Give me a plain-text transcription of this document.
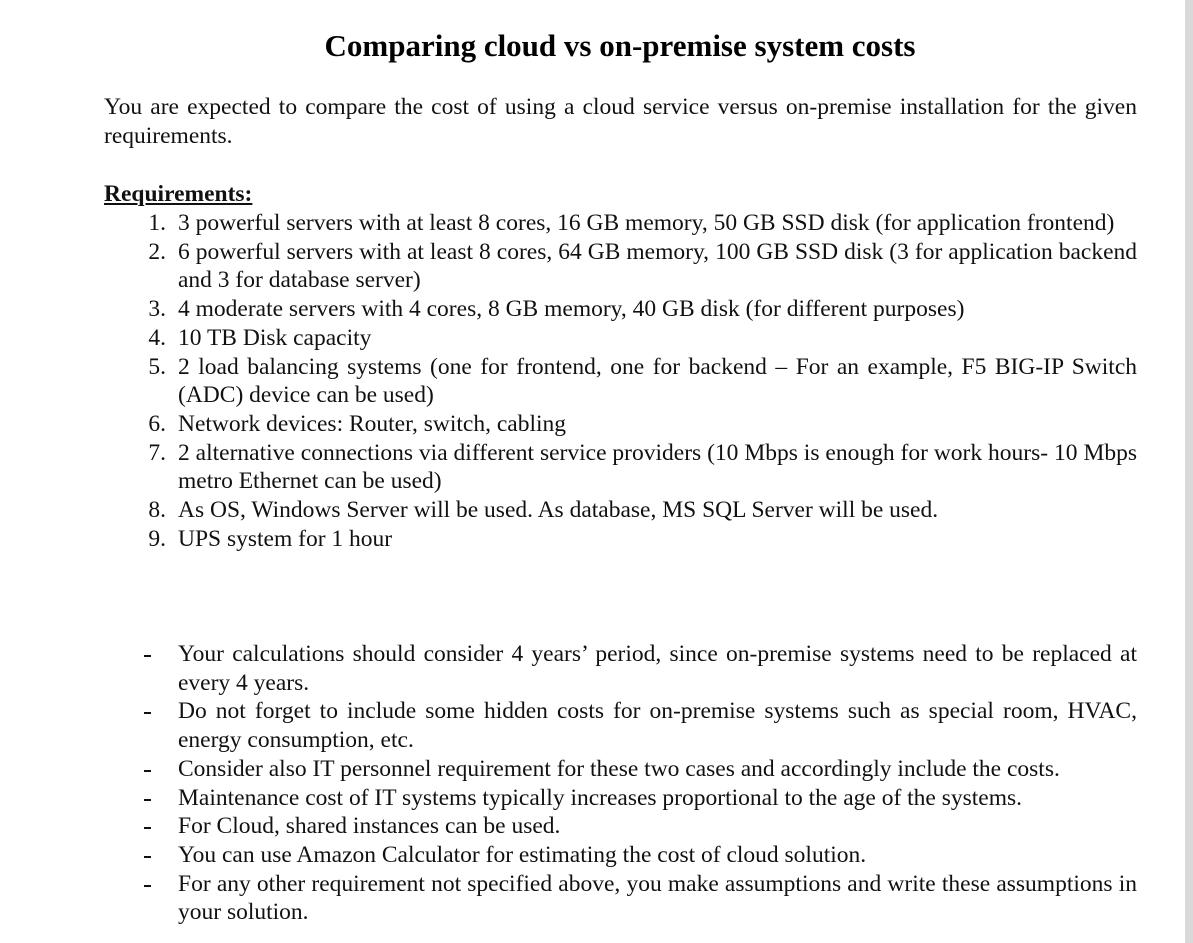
Comparing cloud vs on-premise system costs
You are expected to compare the cost of using a cloud service versus on-premise installation for the given requirements.
Requirements:
1. 3 powerful servers with at least 8 cores, 16 GB memory, 50 GB SSD disk (for application frontend)
2. 6 powerful servers with at least 8 cores, 64 GB memory, 100 GB SSD disk (3 for application backend and 3 for database server)
3. 4 moderate servers with 4 cores, 8 GB memory, 40 GB disk (for different purposes)
4. 10 TB Disk capacity
5. 2 load balancing systems (one for frontend, one for backend – For an example, F5 BIG-IP Switch (ADC) device can be used)
6. Network devices: Router, switch, cabling
7. 2 alternative connections via different service providers (10 Mbps is enough for work hours- 10 Mbps metro Ethernet can be used)
8. As OS, Windows Server will be used. As database, MS SQL Server will be used.
9. UPS system for 1 hour
Your calculations should consider 4 years’ period, since on-premise systems need to be replaced at every 4 years.
Do not forget to include some hidden costs for on-premise systems such as special room, HVAC, energy consumption, etc.
Consider also IT personnel requirement for these two cases and accordingly include the costs.
Maintenance cost of IT systems typically increases proportional to the age of the systems.
For Cloud, shared instances can be used.
You can use Amazon Calculator for estimating the cost of cloud solution.
For any other requirement not specified above, you make assumptions and write these assumptions in your solution.
